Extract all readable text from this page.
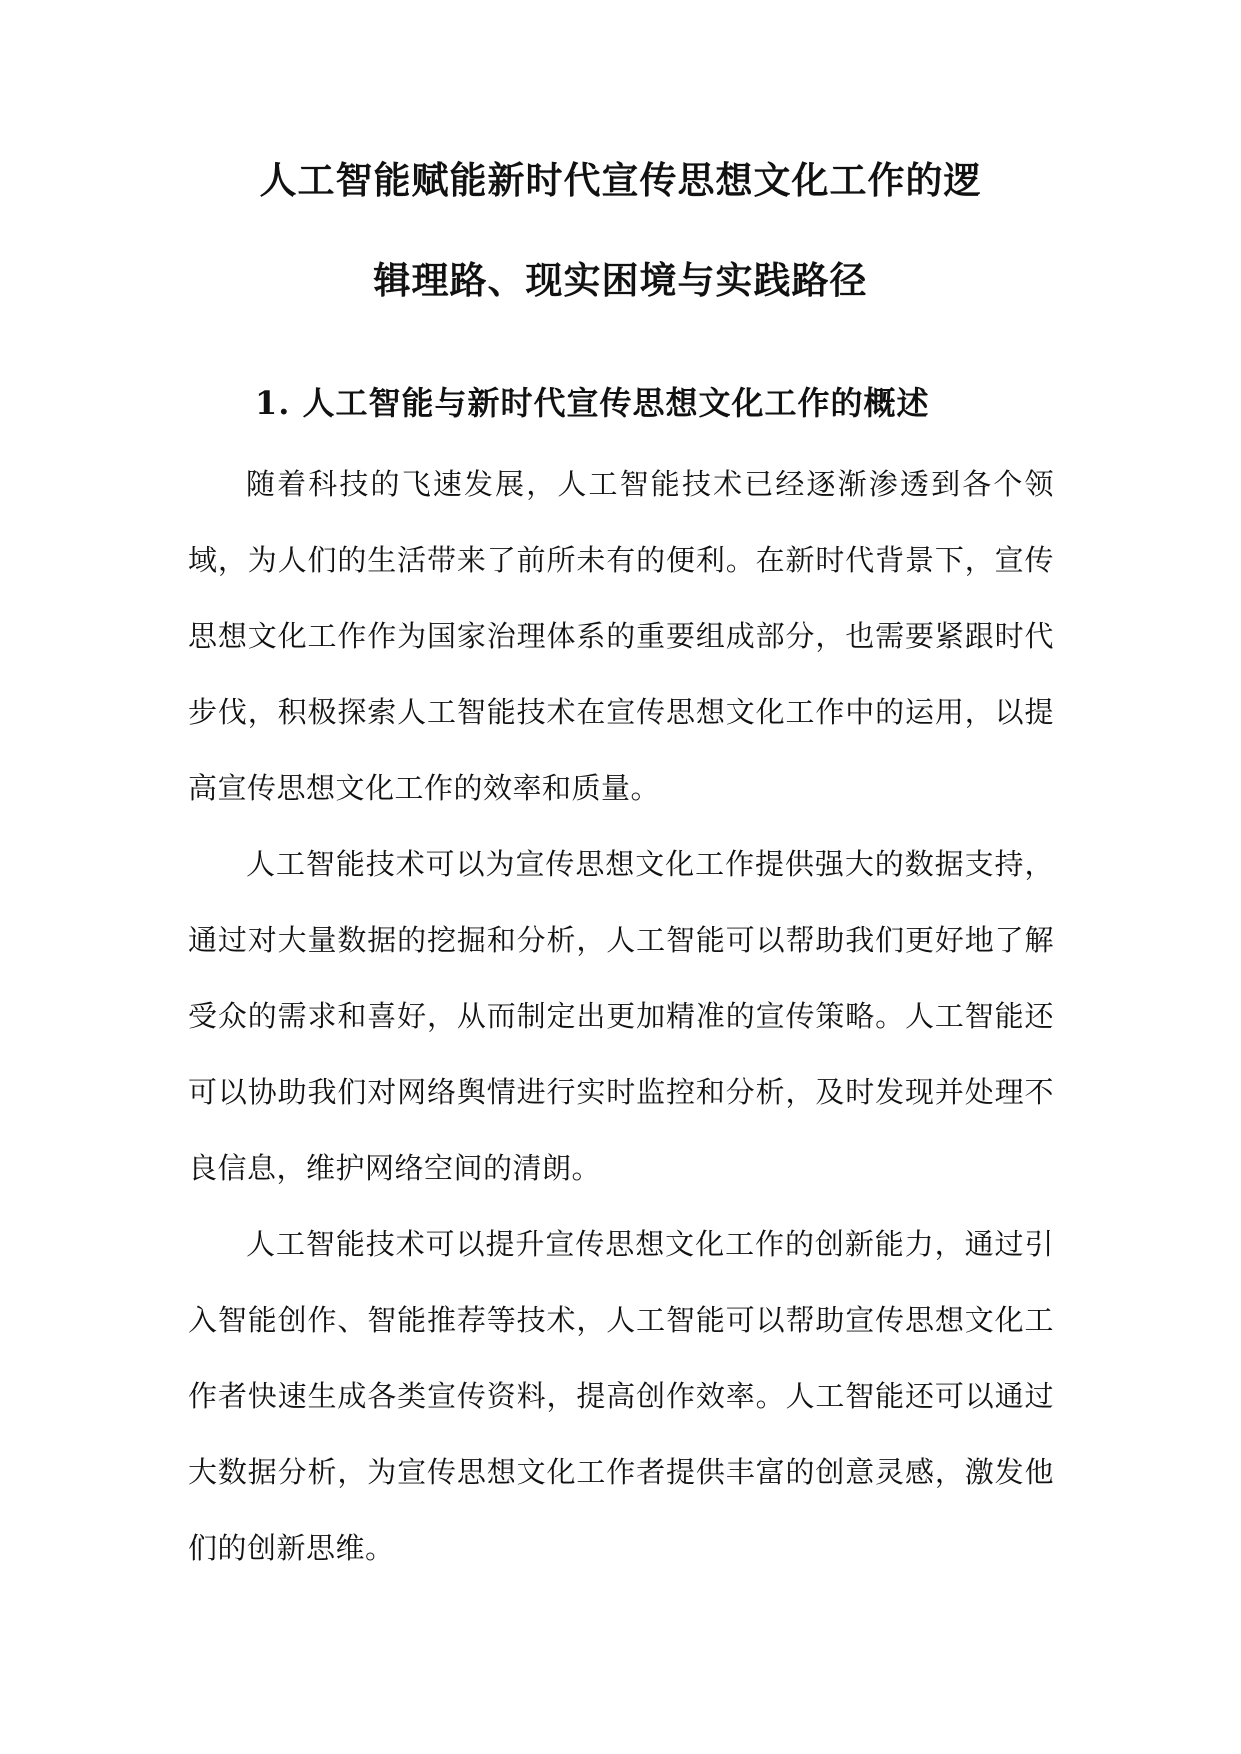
人工智能赋能新时代宣传思想文化工作的逻
辑理路、现实困境与实践路径
1. 人工智能与新时代宣传思想文化工作的概述
随着科技的飞速发展，人工智能技术已经逐渐渗透到各个领域，为人们的生活带来了前所未有的便利。在新时代背景下，宣传思想文化工作作为国家治理体系的重要组成部分，也需要紧跟时代步伐，积极探索人工智能技术在宣传思想文化工作中的运用，以提高宣传思想文化工作的效率和质量。
人工智能技术可以为宣传思想文化工作提供强大的数据支持，通过对大量数据的挖掘和分析，人工智能可以帮助我们更好地了解受众的需求和喜好，从而制定出更加精准的宣传策略。人工智能还可以协助我们对网络舆情进行实时监控和分析，及时发现并处理不良信息，维护网络空间的清朗。
人工智能技术可以提升宣传思想文化工作的创新能力，通过引入智能创作、智能推荐等技术，人工智能可以帮助宣传思想文化工作者快速生成各类宣传资料，提高创作效率。人工智能还可以通过大数据分析，为宣传思想文化工作者提供丰富的创意灵感，激发他们的创新思维。
